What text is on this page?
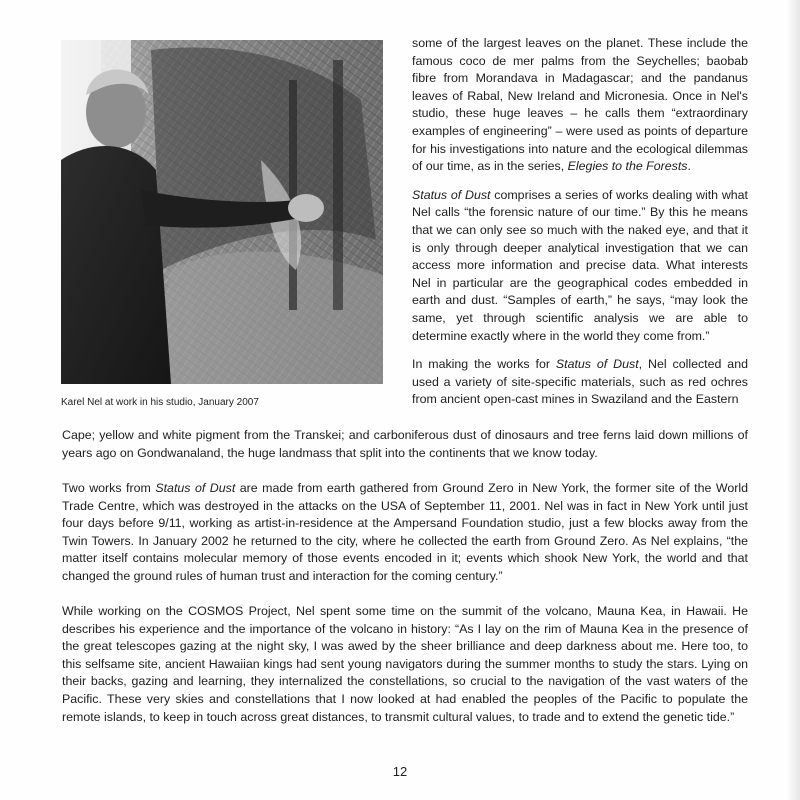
Karel Nel at work in his studio, January 2007

some of the largest leaves on the planet. These include the famous coco de mer palms from the Seychelles; baobab fibre from Morandava in Madagascar; and the pandanus leaves of Rabal, New Ireland and Micronesia. Once in Nel's studio, these huge leaves – he calls them “extraordinary examples of engineering” – were used as points of departure for his investigations into nature and the ecological dilemmas of our time, as in the series, Elegies to the Forests.

Status of Dust comprises a series of works dealing with what Nel calls “the forensic nature of our time.” By this he means that we can only see so much with the naked eye, and that it is only through deeper analytical investigation that we can access more information and precise data. What interests Nel in particular are the geographical codes embedded in earth and dust. “Samples of earth,” he says, “may look the same, yet through scientific analysis we are able to determine exactly where in the world they come from.”

In making the works for Status of Dust, Nel collected and used a variety of site-specific materials, such as red ochres from ancient open-cast mines in Swaziland and the Eastern

Cape; yellow and white pigment from the Transkei; and carboniferous dust of dinosaurs and tree ferns laid down millions of years ago on Gondwanaland, the huge landmass that split into the continents that we know today.

Two works from Status of Dust are made from earth gathered from Ground Zero in New York, the former site of the World Trade Centre, which was destroyed in the attacks on the USA of September 11, 2001. Nel was in fact in New York until just four days before 9/11, working as artist-in-residence at the Ampersand Foundation studio, just a few blocks away from the Twin Towers. In January 2002 he returned to the city, where he collected the earth from Ground Zero. As Nel explains, “the matter itself contains molecular memory of those events encoded in it; events which shook New York, the world and that changed the ground rules of human trust and interaction for the coming century.”

While working on the COSMOS Project, Nel spent some time on the summit of the volcano, Mauna Kea, in Hawaii. He describes his experience and the importance of the volcano in history: “As I lay on the rim of Mauna Kea in the presence of the great telescopes gazing at the night sky, I was awed by the sheer brilliance and deep darkness about me. Here too, to this selfsame site, ancient Hawaiian kings had sent young navigators during the summer months to study the stars. Lying on their backs, gazing and learning, they internalized the constellations, so crucial to the navigation of the vast waters of the Pacific. These very skies and constellations that I now looked at had enabled the peoples of the Pacific to populate the remote islands, to keep in touch across great distances, to transmit cultural values, to trade and to extend the genetic tide.”

12
